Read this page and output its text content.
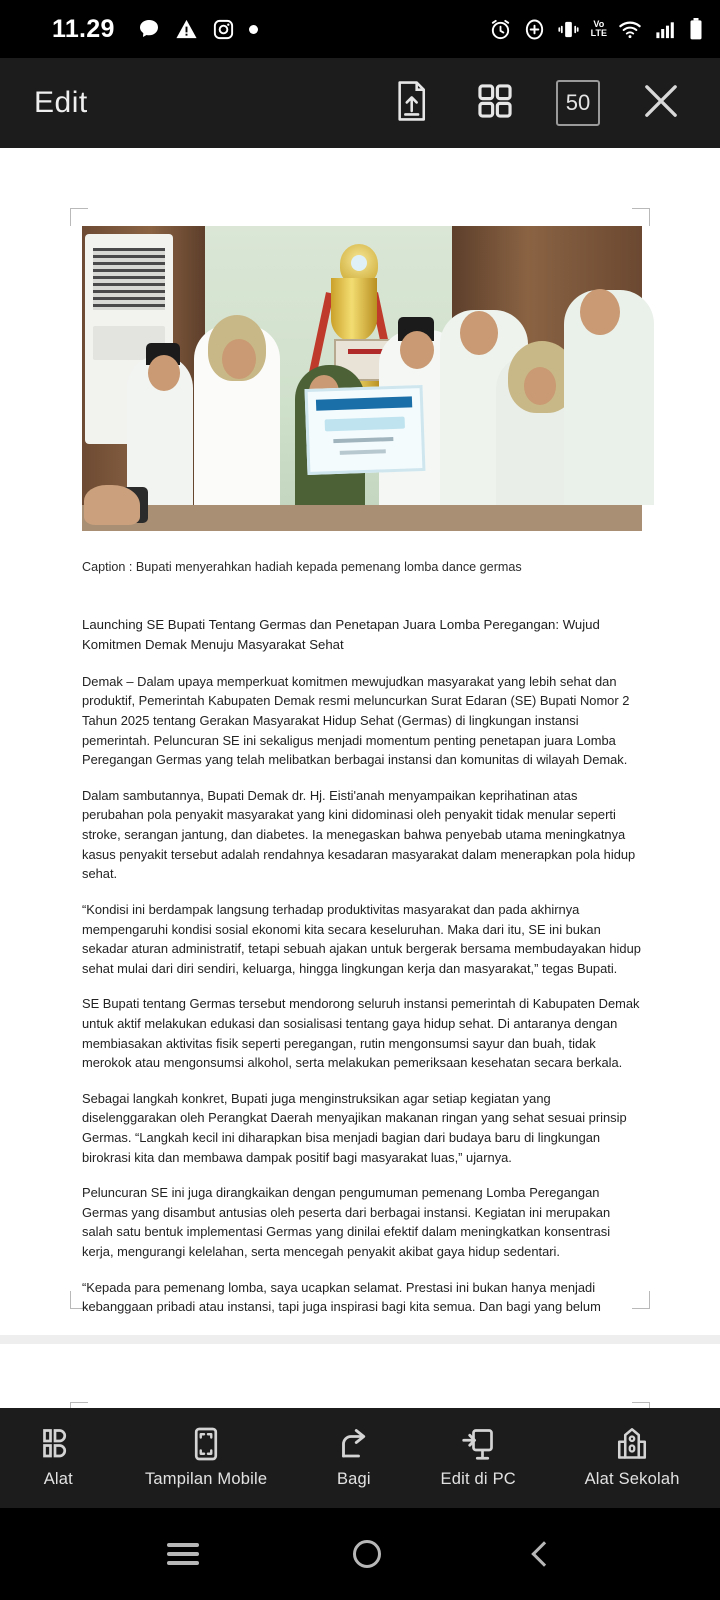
11.29	Vo
LTE
Edit	50
Caption : Bupati menyerahkan hadiah kepada pemenang lomba dance germas
Launching SE Bupati Tentang Germas dan Penetapan Juara Lomba Peregangan: Wujud Komitmen Demak Menuju Masyarakat Sehat
Demak – Dalam upaya memperkuat komitmen mewujudkan masyarakat yang lebih sehat dan produktif, Pemerintah Kabupaten Demak resmi meluncurkan Surat Edaran (SE) Bupati Nomor 2 Tahun 2025 tentang Gerakan Masyarakat Hidup Sehat (Germas) di lingkungan instansi pemerintah. Peluncuran SE ini sekaligus menjadi momentum penting penetapan juara Lomba Peregangan Germas yang telah melibatkan berbagai instansi dan komunitas di wilayah Demak.
Dalam sambutannya, Bupati Demak dr. Hj. Eisti'anah menyampaikan keprihatinan atas perubahan pola penyakit masyarakat yang kini didominasi oleh penyakit tidak menular seperti stroke, serangan jantung, dan diabetes. Ia menegaskan bahwa penyebab utama meningkatnya kasus penyakit tersebut adalah rendahnya kesadaran masyarakat dalam menerapkan pola hidup sehat.
“Kondisi ini berdampak langsung terhadap produktivitas masyarakat dan pada akhirnya mempengaruhi kondisi sosial ekonomi kita secara keseluruhan. Maka dari itu, SE ini bukan sekadar aturan administratif, tetapi sebuah ajakan untuk bergerak bersama membudayakan hidup sehat mulai dari diri sendiri, keluarga, hingga lingkungan kerja dan masyarakat,” tegas Bupati.
SE Bupati tentang Germas tersebut mendorong seluruh instansi pemerintah di Kabupaten Demak untuk aktif melakukan edukasi dan sosialisasi tentang gaya hidup sehat. Di antaranya dengan membiasakan aktivitas fisik seperti peregangan, rutin mengonsumsi sayur dan buah, tidak merokok atau mengonsumsi alkohol, serta melakukan pemeriksaan kesehatan secara berkala.
Sebagai langkah konkret, Bupati juga menginstruksikan agar setiap kegiatan yang diselenggarakan oleh Perangkat Daerah menyajikan makanan ringan yang sehat sesuai prinsip Germas. “Langkah kecil ini diharapkan bisa menjadi bagian dari budaya baru di lingkungan birokrasi kita dan membawa dampak positif bagi masyarakat luas,” ujarnya.
Peluncuran SE ini juga dirangkaikan dengan pengumuman pemenang Lomba Peregangan Germas yang disambut antusias oleh peserta dari berbagai instansi. Kegiatan ini merupakan salah satu bentuk implementasi Germas yang dinilai efektif dalam meningkatkan konsentrasi kerja, mengurangi kelelahan, serta mencegah penyakit akibat gaya hidup sedentari.
“Kepada para pemenang lomba, saya ucapkan selamat. Prestasi ini bukan hanya menjadi kebanggaan pribadi atau instansi, tapi juga inspirasi bagi kita semua. Dan bagi yang belum
Alat	Tampilan Mobile	Bagi	Edit di PC	Alat Sekolah
